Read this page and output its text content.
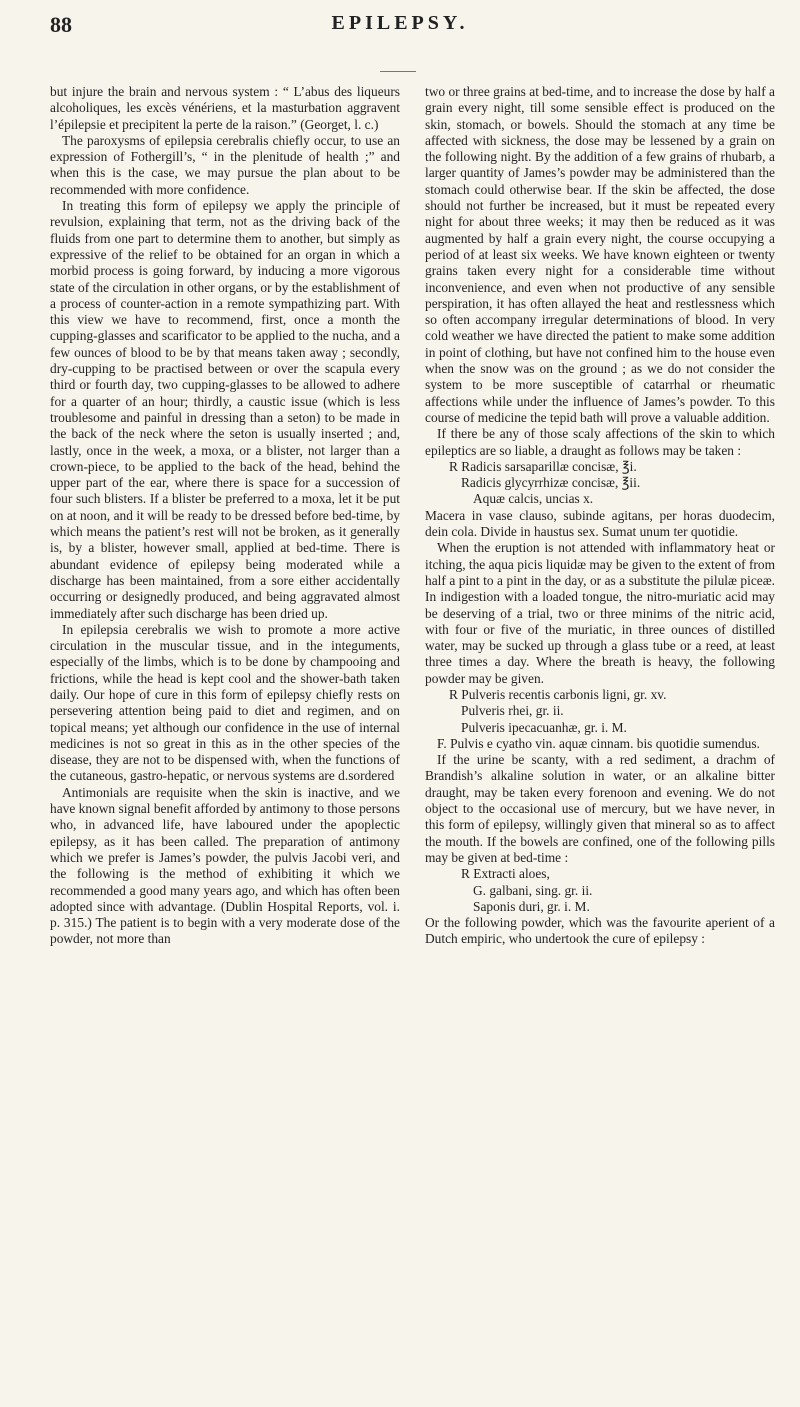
88	EPILEPSY.

but injure the brain and nervous system : “ L’abus des liqueurs alcoholiques, les excès vénériens, et la masturbation aggravent l’épilepsie et precipitent la perte de la raison.” (Georget, l. c.)

The paroxysms of epilepsia cerebralis chiefly occur, to use an expression of Fothergill’s, “ in the plenitude of health ;” and when this is the case, we may pursue the plan about to be recommended with more confidence.

In treating this form of epilepsy we apply the principle of revulsion, explaining that term, not as the driving back of the fluids from one part to determine them to another, but simply as expressive of the relief to be obtained for an organ in which a morbid process is going forward, by inducing a more vigorous state of the circulation in other organs, or by the establishment of a process of counter-action in a remote sympathizing part. With this view we have to recommend, first, once a month the cupping-glasses and scarificator to be applied to the nucha, and a few ounces of blood to be by that means taken away ; secondly, dry-cupping to be practised between or over the scapula every third or fourth day, two cupping-glasses to be allowed to adhere for a quarter of an hour; thirdly, a caustic issue (which is less troublesome and painful in dressing than a seton) to be made in the back of the neck where the seton is usually inserted ; and, lastly, once in the week, a moxa, or a blister, not larger than a crown-piece, to be applied to the back of the head, behind the upper part of the ear, where there is space for a succession of four such blisters. If a blister be preferred to a moxa, let it be put on at noon, and it will be ready to be dressed before bed-time, by which means the patient’s rest will not be broken, as it generally is, by a blister, however small, applied at bed-time. There is abundant evidence of epilepsy being moderated while a discharge has been maintained, from a sore either accidentally occurring or designedly produced, and being aggravated almost immediately after such discharge has been dried up.

In epilepsia cerebralis we wish to promote a more active circulation in the muscular tissue, and in the integuments, especially of the limbs, which is to be done by champooing and frictions, while the head is kept cool and the shower-bath taken daily. Our hope of cure in this form of epilepsy chiefly rests on persevering attention being paid to diet and regimen, and on topical means; yet although our confidence in the use of internal medicines is not so great in this as in the other species of the disease, they are not to be dispensed with, when the functions of the cutaneous, gastro-hepatic, or nervous systems are d.sordered

Antimonials are requisite when the skin is inactive, and we have known signal benefit afforded by antimony to those persons who, in advanced life, have laboured under the apoplectic epilepsy, as it has been called. The preparation of antimony which we prefer is James’s powder, the pulvis Jacobi veri, and the following is the method of exhibiting it which we recommended a good many years ago, and which has often been adopted since with advantage. (Dublin Hospital Reports, vol. i. p. 315.) The patient is to begin with a very moderate dose of the powder, not more than

two or three grains at bed-time, and to increase the dose by half a grain every night, till some sensible effect is produced on the skin, stomach, or bowels. Should the stomach at any time be affected with sickness, the dose may be lessened by a grain on the following night. By the addition of a few grains of rhubarb, a larger quantity of James’s powder may be administered than the stomach could otherwise bear. If the skin be affected, the dose should not further be increased, but it must be repeated every night for about three weeks; it may then be reduced as it was augmented by half a grain every night, the course occupying a period of at least six weeks. We have known eighteen or twenty grains taken every night for a considerable time without inconvenience, and even when not productive of any sensible perspiration, it has often allayed the heat and restlessness which so often accompany irregular determinations of blood. In very cold weather we have directed the patient to make some addition in point of clothing, but have not confined him to the house even when the snow was on the ground ; as we do not consider the system to be more susceptible of catarrhal or rheumatic affections while under the influence of James’s powder. To this course of medicine the tepid bath will prove a valuable addition.

If there be any of those scaly affections of the skin to which epileptics are so liable, a draught as follows may be taken :

R Radicis sarsaparillæ concisæ, ℥i.

Radicis glycyrrhizæ concisæ, ℥ii.

Aquæ calcis, uncias x.

Macera in vase clauso, subinde agitans, per horas duodecim, dein cola. Divide in haustus sex. Sumat unum ter quotidie.

When the eruption is not attended with inflammatory heat or itching, the aqua picis liquidæ may be given to the extent of from half a pint to a pint in the day, or as a substitute the pilulæ piceæ. In indigestion with a loaded tongue, the nitro-muriatic acid may be deserving of a trial, two or three minims of the nitric acid, with four or five of the muriatic, in three ounces of distilled water, may be sucked up through a glass tube or a reed, at least three times a day. Where the breath is heavy, the following powder may be given.

R Pulveris recentis carbonis ligni, gr. xv.

Pulveris rhei, gr. ii.

Pulveris ipecacuanhæ, gr. i. M.

F. Pulvis e cyatho vin. aquæ cinnam. bis quotidie sumendus.

If the urine be scanty, with a red sediment, a drachm of Brandish’s alkaline solution in water, or an alkaline bitter draught, may be taken every forenoon and evening. We do not object to the occasional use of mercury, but we have never, in this form of epilepsy, willingly given that mineral so as to affect the mouth. If the bowels are confined, one of the following pills may be given at bed-time :

R Extracti aloes,

G. galbani, sing. gr. ii.

Saponis duri, gr. i. M.

Or the following powder, which was the favourite aperient of a Dutch empiric, who undertook the cure of epilepsy :
